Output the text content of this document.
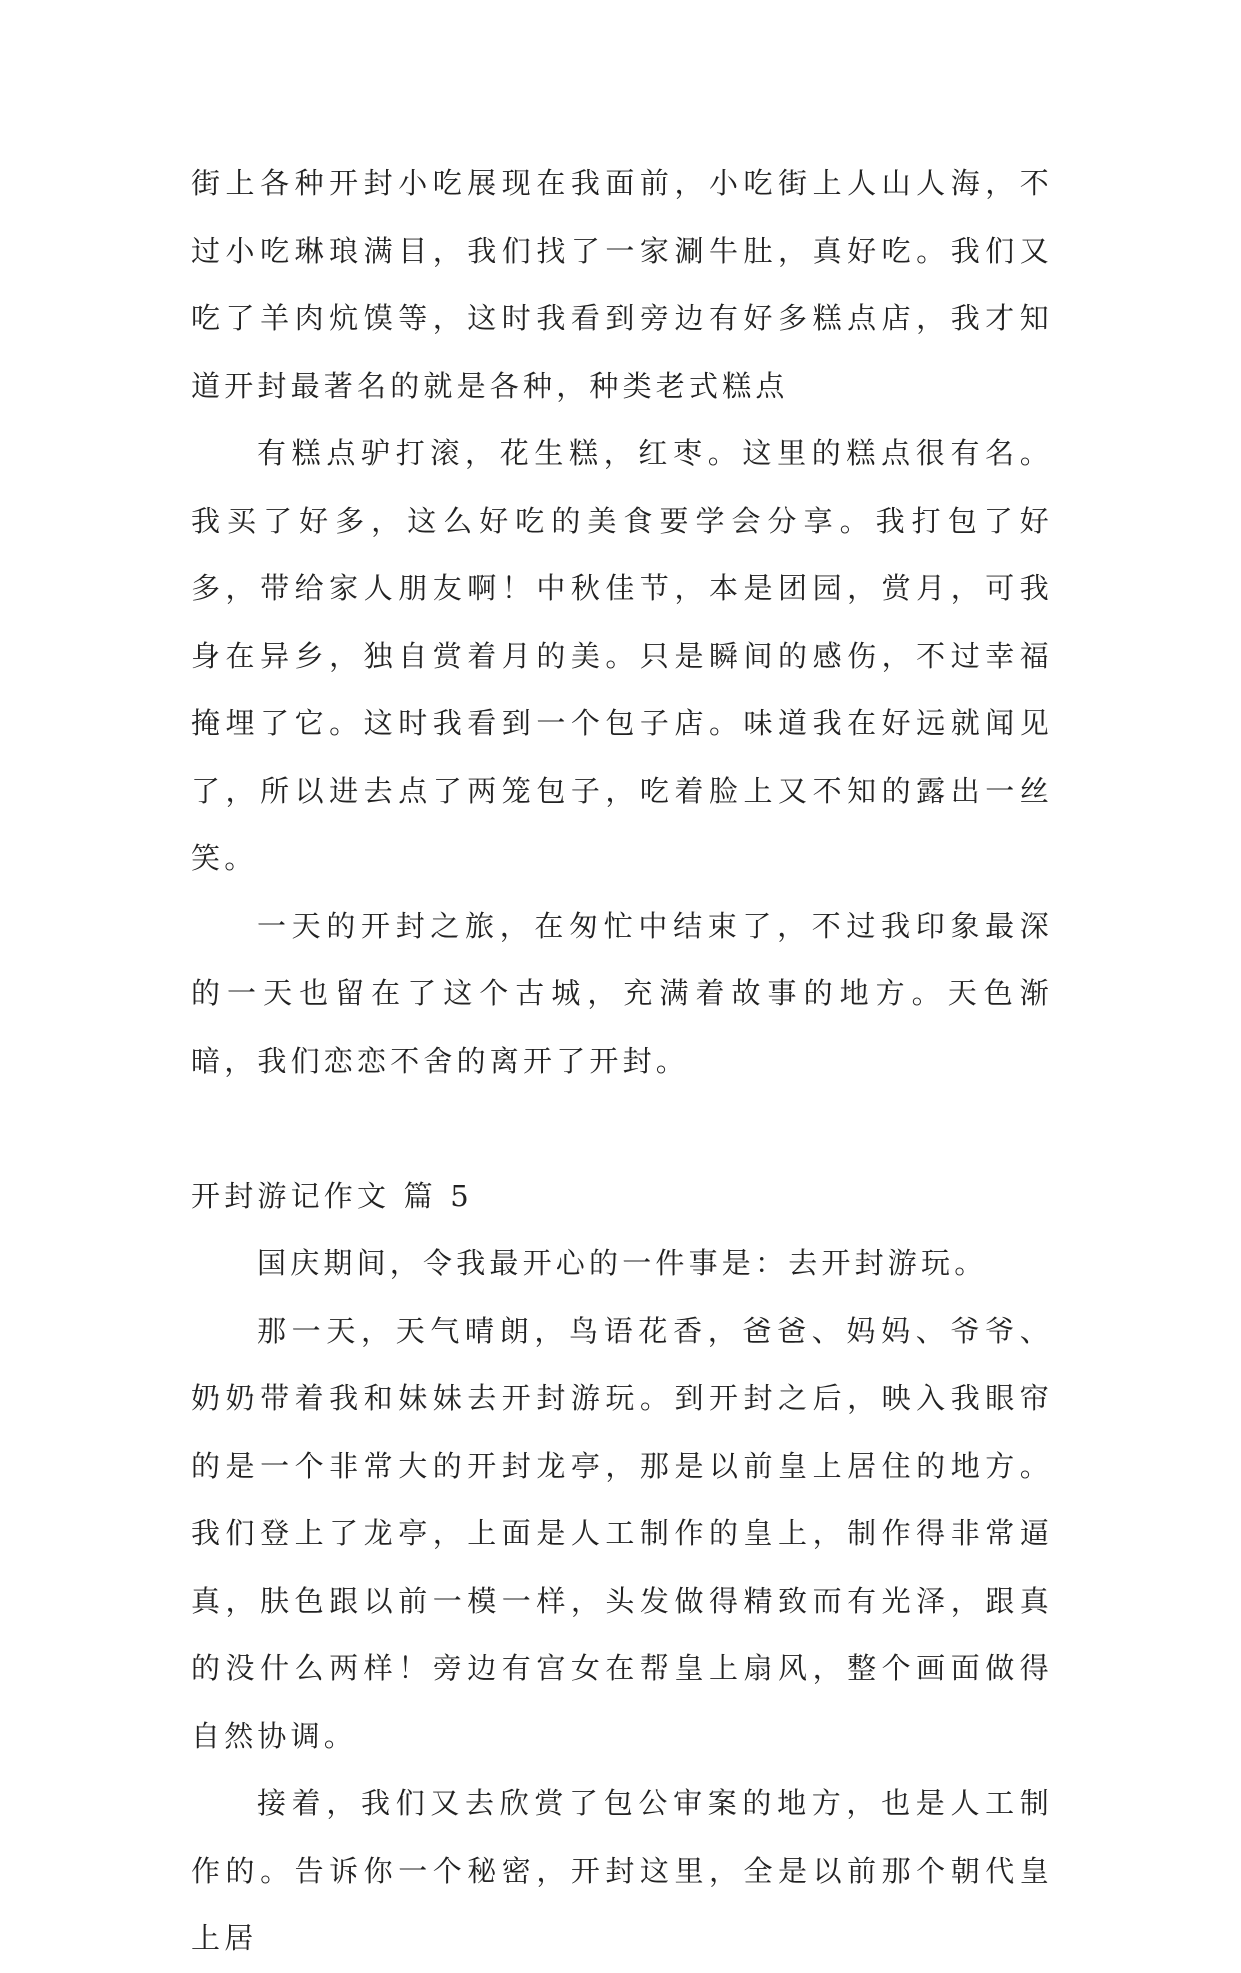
街上各种开封小吃展现在我面前，小吃街上人山人海，不过小吃琳琅满目，我们找了一家涮牛肚，真好吃。我们又吃了羊肉炕馍等，这时我看到旁边有好多糕点店，我才知道开封最著名的就是各种，种类老式糕点

有糕点驴打滚，花生糕，红枣。这里的糕点很有名。我买了好多，这么好吃的美食要学会分享。我打包了好多，带给家人朋友啊！中秋佳节，本是团园，赏月，可我身在异乡，独自赏着月的美。只是瞬间的感伤，不过幸福掩埋了它。这时我看到一个包子店。味道我在好远就闻见了，所以进去点了两笼包子，吃着脸上又不知的露出一丝笑。

一天的开封之旅，在匆忙中结束了，不过我印象最深的一天也留在了这个古城，充满着故事的地方。天色渐暗，我们恋恋不舍的离开了开封。

开封游记作文 篇 5

国庆期间，令我最开心的一件事是：去开封游玩。

那一天，天气晴朗，鸟语花香，爸爸、妈妈、爷爷、奶奶带着我和妹妹去开封游玩。到开封之后，映入我眼帘的是一个非常大的开封龙亭，那是以前皇上居住的地方。我们登上了龙亭，上面是人工制作的皇上，制作得非常逼真，肤色跟以前一模一样，头发做得精致而有光泽，跟真的没什么两样！旁边有宫女在帮皇上扇风，整个画面做得自然协调。

接着，我们又去欣赏了包公审案的地方，也是人工制作的。告诉你一个秘密，开封这里，全是以前那个朝代皇上居
